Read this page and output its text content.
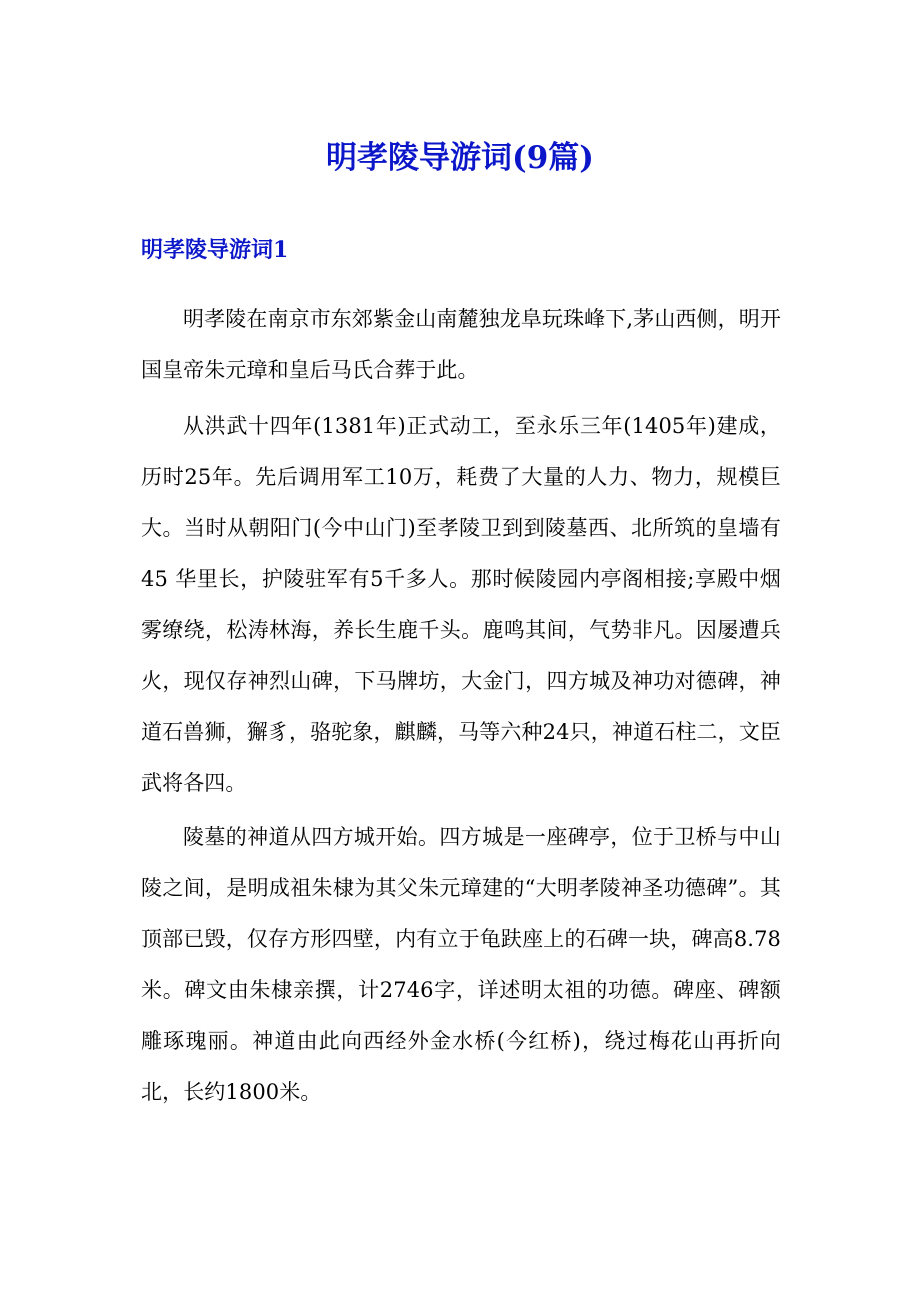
明孝陵导游词(9篇)
明孝陵导游词1

明孝陵在南京市东郊紫金山南麓独龙阜玩珠峰下,茅山西侧，明开国皇帝朱元璋和皇后马氏合葬于此。

从洪武十四年(1381年)正式动工，至永乐三年(1405年)建成，历时25年。先后调用军工10万，耗费了大量的人力、物力，规模巨大。当时从朝阳门(今中山门)至孝陵卫到到陵墓西、北所筑的皇墙有45 华里长，护陵驻军有5千多人。那时候陵园内亭阁相接;享殿中烟雾缭绕，松涛林海，养长生鹿千头。鹿鸣其间，气势非凡。因屡遭兵火，现仅存神烈山碑，下马牌坊，大金门，四方城及神功对德碑，神道石兽狮，獬豸，骆驼象，麒麟，马等六种24只，神道石柱二，文臣武将各四。

陵墓的神道从四方城开始。四方城是一座碑亭，位于卫桥与中山陵之间，是明成祖朱棣为其父朱元璋建的“大明孝陵神圣功德碑”。其顶部已毁，仅存方形四壁，内有立于龟趺座上的石碑一块，碑高8.78米。碑文由朱棣亲撰，计2746字，详述明太祖的功德。碑座、碑额雕琢瑰丽。神道由此向西经外金水桥(今红桥)，绕过梅花山再折向北，长约1800米。
